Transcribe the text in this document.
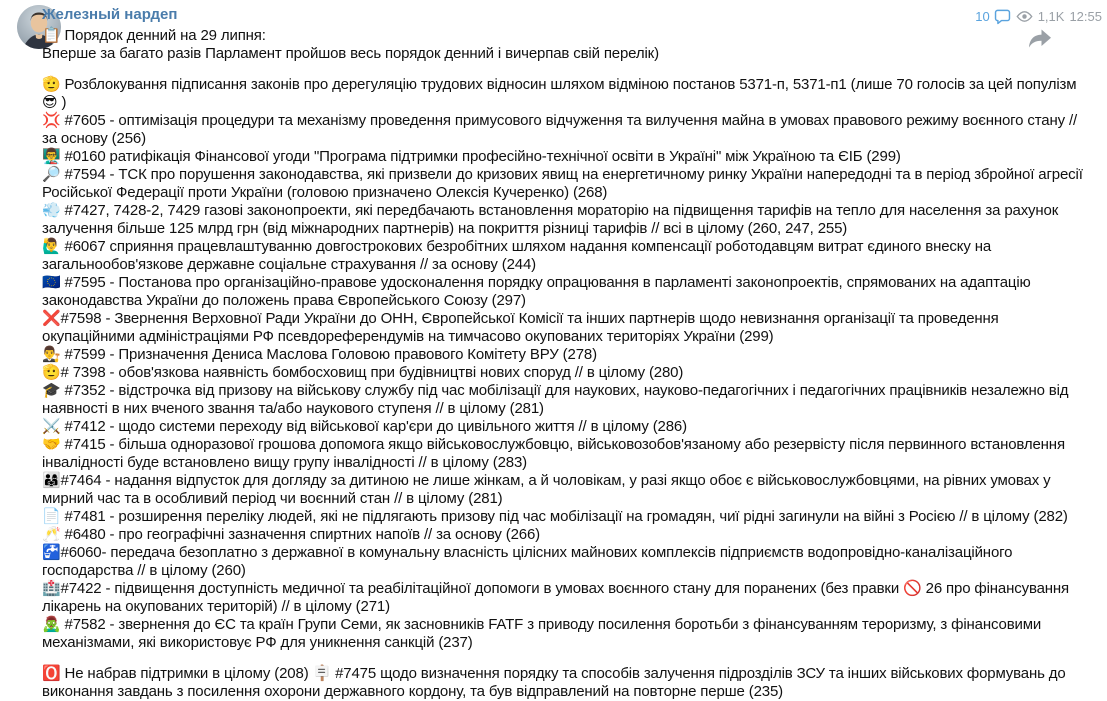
10	1,1K 12:55
Железный нардеп
📋 Порядок денний на 29 липня:
Вперше за багато разів Парламент пройшов весь порядок денний і вичерпав свій перелік)
🫡 Розблокування підписання законів про дерегуляцію трудових відносин шляхом відміною постанов 5371-п, 5371-п1 (лише 70 голосів за цей популізм😎 )
💢 #7605 - оптимізація процедури та механізму проведення примусового відчуження та вилучення майна в умовах правового режиму воєнного стану // за основу (256)
👨‍🏫 #0160 ратифікація Фінансової угоди "Програма підтримки професійно-технічної освіти в Україні" між Україною та ЄІБ (299)
🔎 #7594 - ТСК про порушення законодавства, які призвели до кризових явищ на енергетичному ринку України напередодні та в період збройної агресії Російської Федерації проти України (головою призначено Олексія Кучеренко) (268)
💨 #7427, 7428-2, 7429 газові законопроекти, які передбачають встановлення мораторію на підвищення тарифів на тепло для населення за рахунок залучення більше 125 млрд грн (від міжнародних партнерів) на покриття різниці тарифів // всі в цілому (260, 247, 255)
🙋‍♂️ #6067 сприяння працевлаштуванню довгострокових безробітних шляхом надання компенсації роботодавцям витрат єдиного внеску на загальнообов'язкове державне соціальне страхування // за основу (244)
🇪🇺 #7595 - Постанова про організаційно-правове удосконалення порядку опрацювання в парламенті законопроектів, спрямованих на адаптацію законодавства України до положень права Європейського Союзу (297)
❌#7598 - Звернення Верховної Ради України до ОНН, Європейської Комісії та інших партнерів щодо невизнання організації та проведення окупаційними адміністраціями РФ псевдореферендумів на тимчасово окупованих територіях України (299)
👨‍⚖️ #7599 - Призначення Дениса Маслова Головою правового Комітету ВРУ (278)
🫡# 7398 - обов'язкова наявність бомбосховищ при будівництві нових споруд // в цілому (280)
🎓 #7352 - відстрочка від призову на військову службу під час мобілізації для наукових, науково-педагогічних і педагогічних працівників незалежно від наявності в них вченого звання та/або наукового ступеня // в цілому (281)
⚔️ #7412 - щодо системи переходу від військової кар'єри до цивільного життя // в цілому (286)
🤝 #7415 - більша одноразової грошова допомога якщо військовослужбовцю, військовозобов'язаному або резервісту після первинного встановлення інвалідності буде встановлено вищу групу інвалідності // в цілому (283)
👨‍👩‍👧#7464 - надання відпусток для догляду за дитиною не лише жінкам, а й чоловікам, у разі якщо обоє є військовослужбовцями, на рівних умовах у мирний час та в особливий період чи воєнний стан // в цілому (281)
📄 #7481 - розширення переліку людей, які не підлягають призову під час мобілізації на громадян, чиї рідні загинули на війні з Росією // в цілому (282)
🥂 #6480 - про географічні зазначення спиртних напоїв // за основу (266)
🚰#6060- передача безоплатно з державної в комунальну власність цілісних майнових комплексів підприємств водопровідно-каналізаційного господарства // в цілому (260)
🏥#7422 - підвищення доступність медичної та реабілітаційної допомоги в умовах воєнного стану для поранених (без правки 🚫 26 про фінансування лікарень на окупованих територій) // в цілому (271)
🧟‍♂️ #7582 - звернення до ЄС та країн Групи Семи, як засновників FATF з приводу посилення боротьби з фінансуванням тероризму, з фінансовими механізмами, які використовує РФ для уникнення санкцій (237)
🅾️ Не набрав підтримки в цілому (208) 🪧 #7475 щодо визначення порядку та способів залучення підрозділів ЗСУ та інших військових формувань до виконання завдань з посилення охорони державного кордону, та був відправлений на повторне перше (235)
